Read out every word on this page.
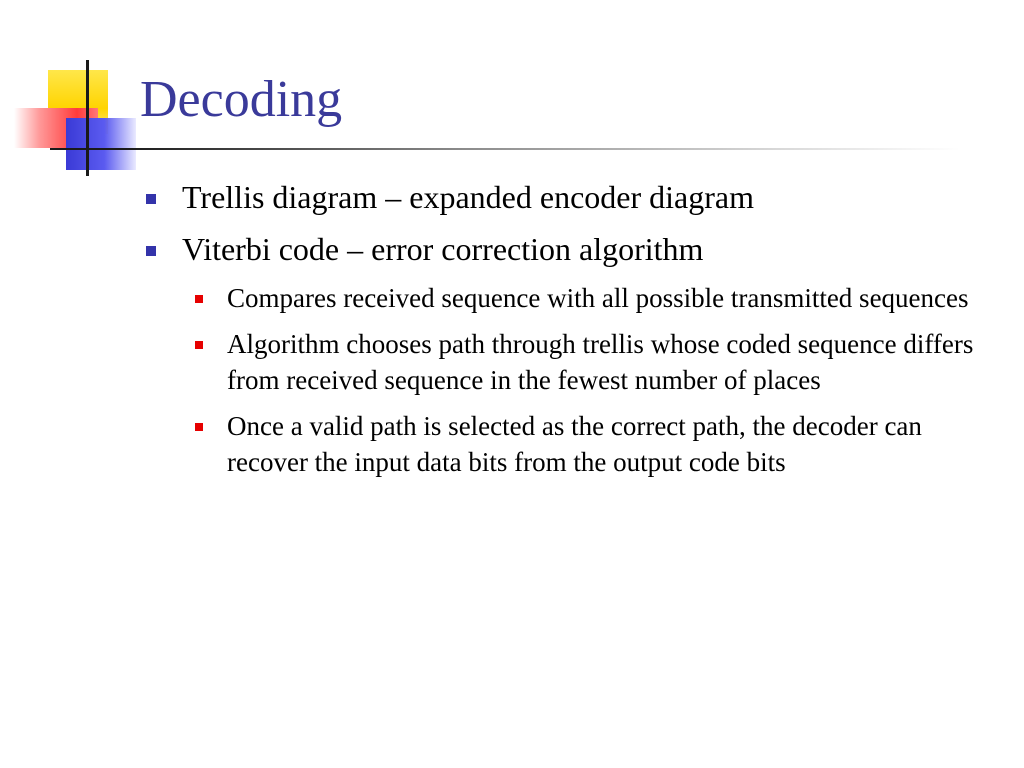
Decoding
Trellis diagram – expanded encoder diagram
Viterbi code – error correction algorithm
Compares received sequence with all possible transmitted sequences
Algorithm chooses path through trellis whose coded sequence differs from received sequence in the fewest number of places
Once a valid path is selected as the correct path, the decoder can recover the input data bits from the output code bits
